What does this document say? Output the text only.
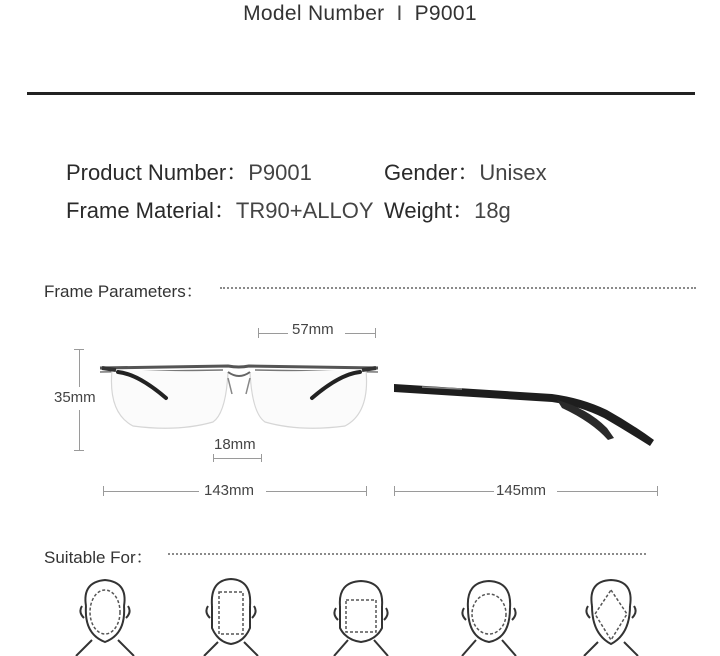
Model Number I P9001
Product Number：P9001	Gender：Unisex
Frame Material：TR90+ALLOY Weight：18g
Frame Parameters：
57mm
35mm
18mm
143mm	145mm
Suitable For：
